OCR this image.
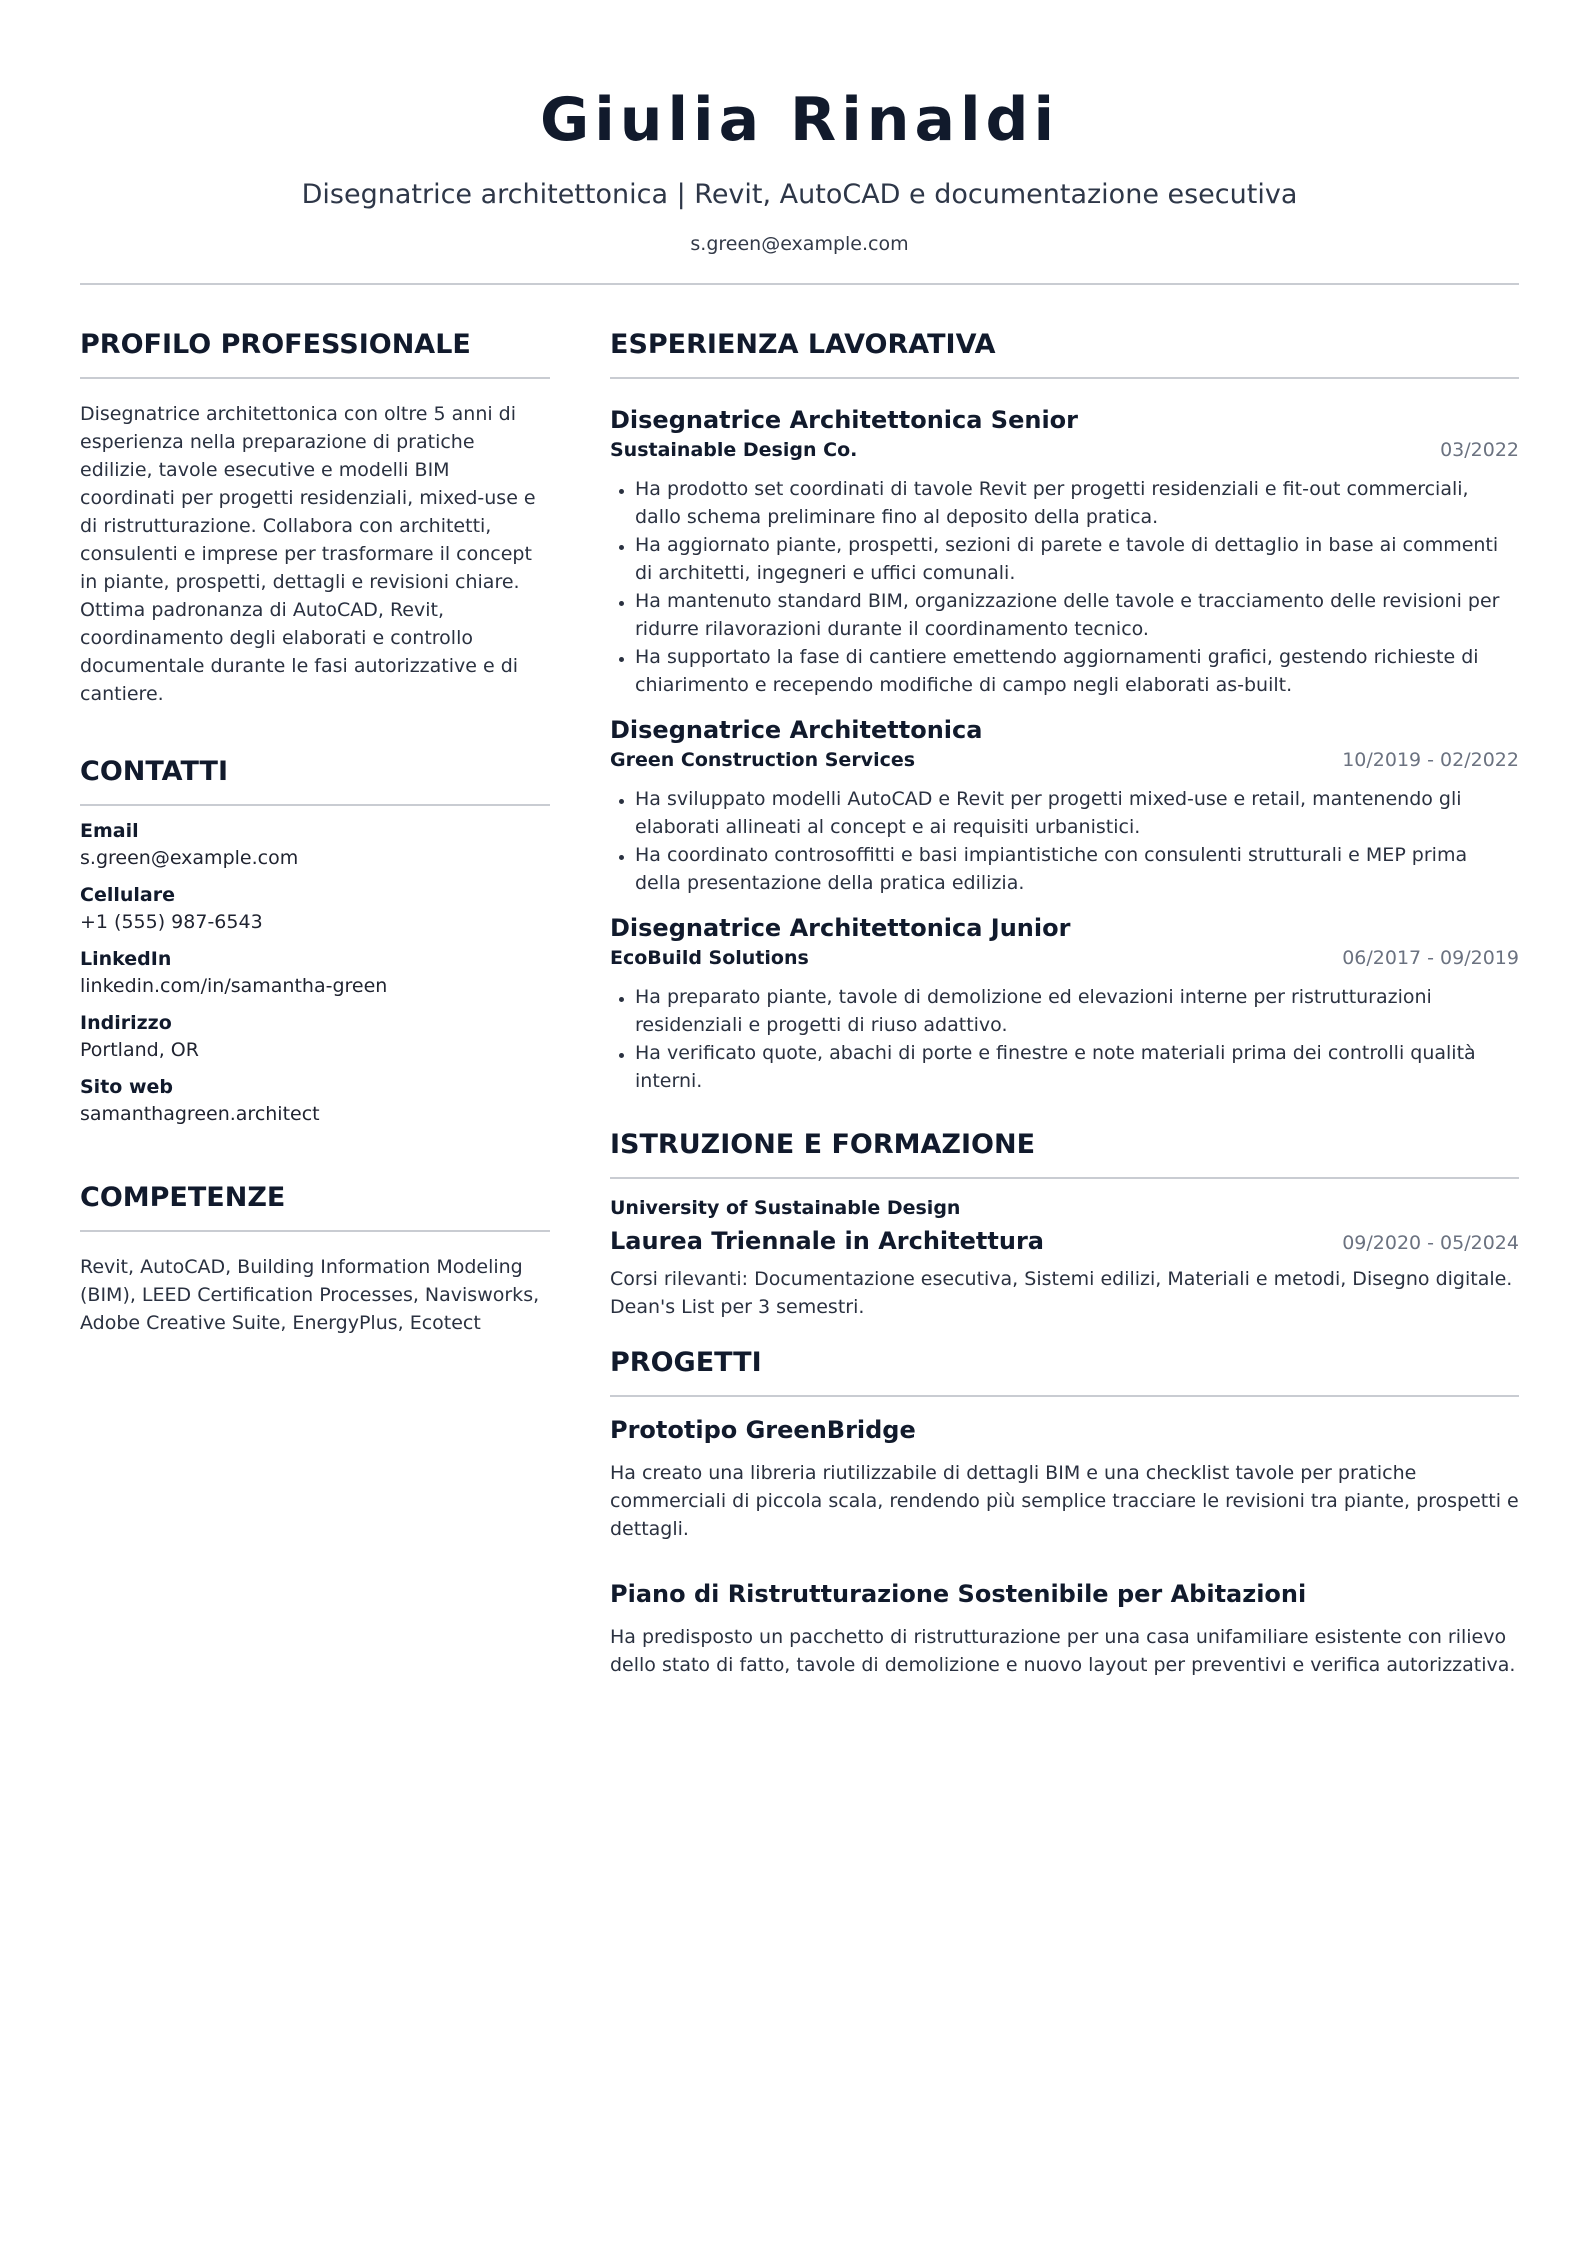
Giulia Rinaldi
Disegnatrice architettonica | Revit, AutoCAD e documentazione esecutiva
s.green@example.com
PROFILO PROFESSIONALE
Disegnatrice architettonica con oltre 5 anni di esperienza nella preparazione di pratiche edilizie, tavole esecutive e modelli BIM coordinati per progetti residenziali, mixed-use e di ristrutturazione. Collabora con architetti, consulenti e imprese per trasformare il concept in piante, prospetti, dettagli e revisioni chiare. Ottima padronanza di AutoCAD, Revit, coordinamento degli elaborati e controllo documentale durante le fasi autorizzative e di cantiere.
CONTATTI
Email
s.green@example.com
Cellulare
+1 (555) 987-6543
LinkedIn
linkedin.com/in/samantha-green
Indirizzo
Portland, OR
Sito web
samanthagreen.architect
COMPETENZE
Revit, AutoCAD, Building Information Modeling (BIM), LEED Certification Processes, Navisworks, Adobe Creative Suite, EnergyPlus, Ecotect
ESPERIENZA LAVORATIVA
Disegnatrice Architettonica Senior
Sustainable Design Co.	03/2022
Ha prodotto set coordinati di tavole Revit per progetti residenziali e fit-out commerciali, dallo schema preliminare fino al deposito della pratica.
Ha aggiornato piante, prospetti, sezioni di parete e tavole di dettaglio in base ai commenti di architetti, ingegneri e uffici comunali.
Ha mantenuto standard BIM, organizzazione delle tavole e tracciamento delle revisioni per ridurre rilavorazioni durante il coordinamento tecnico.
Ha supportato la fase di cantiere emettendo aggiornamenti grafici, gestendo richieste di chiarimento e recependo modifiche di campo negli elaborati as-built.
Disegnatrice Architettonica
Green Construction Services	10/2019 - 02/2022
Ha sviluppato modelli AutoCAD e Revit per progetti mixed-use e retail, mantenendo gli elaborati allineati al concept e ai requisiti urbanistici.
Ha coordinato controsoffitti e basi impiantistiche con consulenti strutturali e MEP prima della presentazione della pratica edilizia.
Disegnatrice Architettonica Junior
EcoBuild Solutions	06/2017 - 09/2019
Ha preparato piante, tavole di demolizione ed elevazioni interne per ristrutturazioni residenziali e progetti di riuso adattivo.
Ha verificato quote, abachi di porte e finestre e note materiali prima dei controlli qualità interni.
ISTRUZIONE E FORMAZIONE
University of Sustainable Design
Laurea Triennale in Architettura	09/2020 - 05/2024
Corsi rilevanti: Documentazione esecutiva, Sistemi edilizi, Materiali e metodi, Disegno digitale. Dean's List per 3 semestri.
PROGETTI
Prototipo GreenBridge
Ha creato una libreria riutilizzabile di dettagli BIM e una checklist tavole per pratiche commerciali di piccola scala, rendendo più semplice tracciare le revisioni tra piante, prospetti e dettagli.
Piano di Ristrutturazione Sostenibile per Abitazioni
Ha predisposto un pacchetto di ristrutturazione per una casa unifamiliare esistente con rilievo dello stato di fatto, tavole di demolizione e nuovo layout per preventivi e verifica autorizzativa.
